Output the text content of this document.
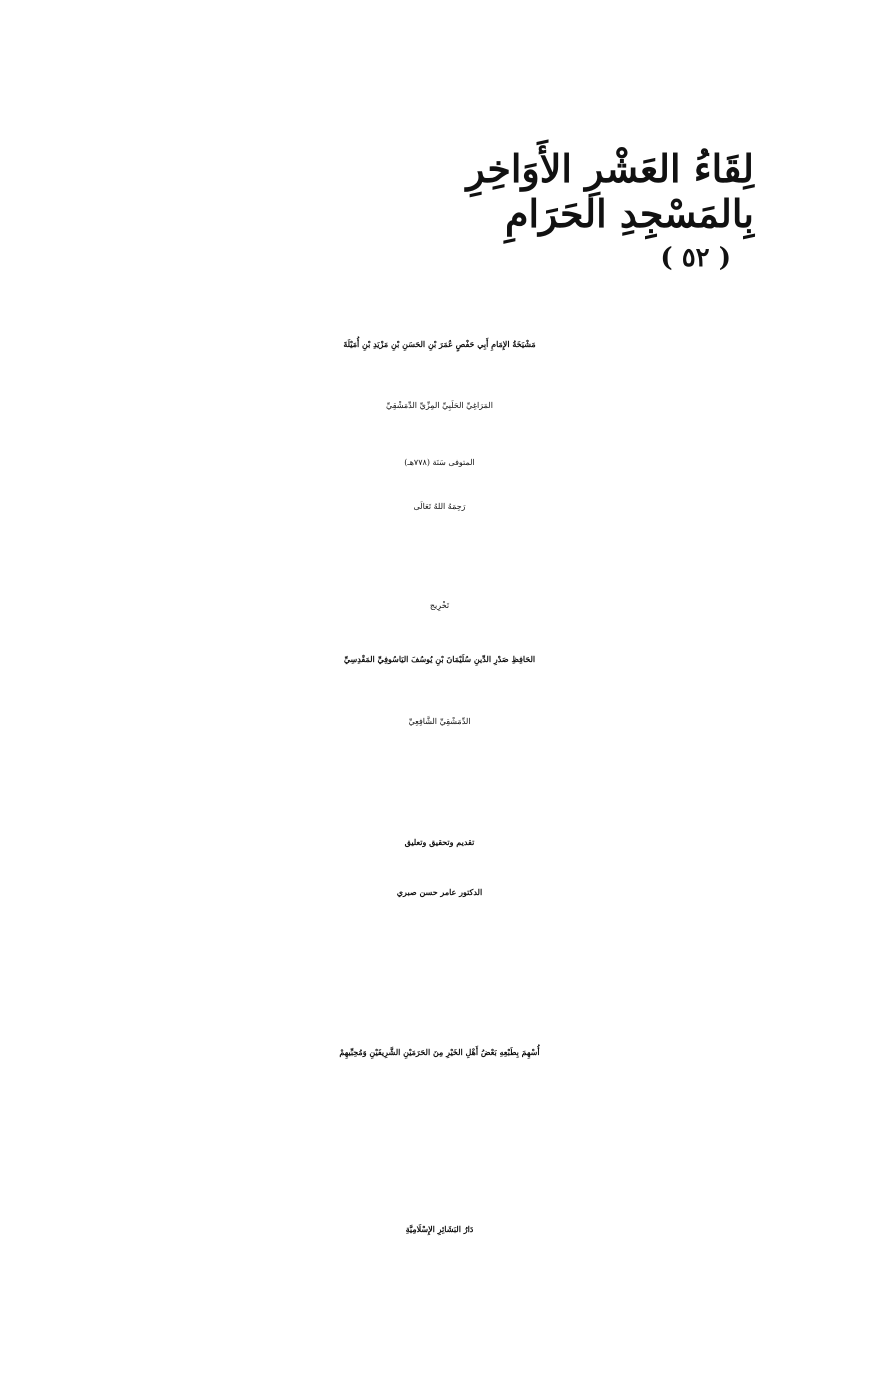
لِقَاءُ العَشْرِ الأَوَاخِرِ
بِالمَسْجِدِ الحَرَامِ
( ٥٢ )
مَشْيَخَةُ الإِمَامِ أَبِي حَفْصٍ عُمَرَ بْنِ الحَسَنِ بْنِ مَزْيَدِ بْنِ أُمَيْلَةَ
المَرَاغِيِّ الحَلَبِيِّ المِزِّيِّ الدِّمَشْقِيِّ
المتوفى سَنَة (٧٧٨هـ)
رَحِمَهُ اللهُ تَعَالَى
تَخْرِيج
الحَافِظِ صَدْرِ الدِّينِ سُلَيْمَانَ بْنِ يُوسُفَ اليَاسُوفِيِّ المَقْدِسِيِّ
الدِّمَشْقِيِّ الشَّافِعِيِّ
تقديم وتحقيق وتعليق
الدكتور عامر حسن صبري
أُسْهِمَ بِطَبْعِهِ بَعْضُ أَهْلِ الخَيْرِ مِنَ الحَرَمَيْنِ الشَّرِيفَيْنِ وَمُحِبِّيهِمْ
دَارُ البَشَائِرِ الإِسْلَامِيَّةِ
